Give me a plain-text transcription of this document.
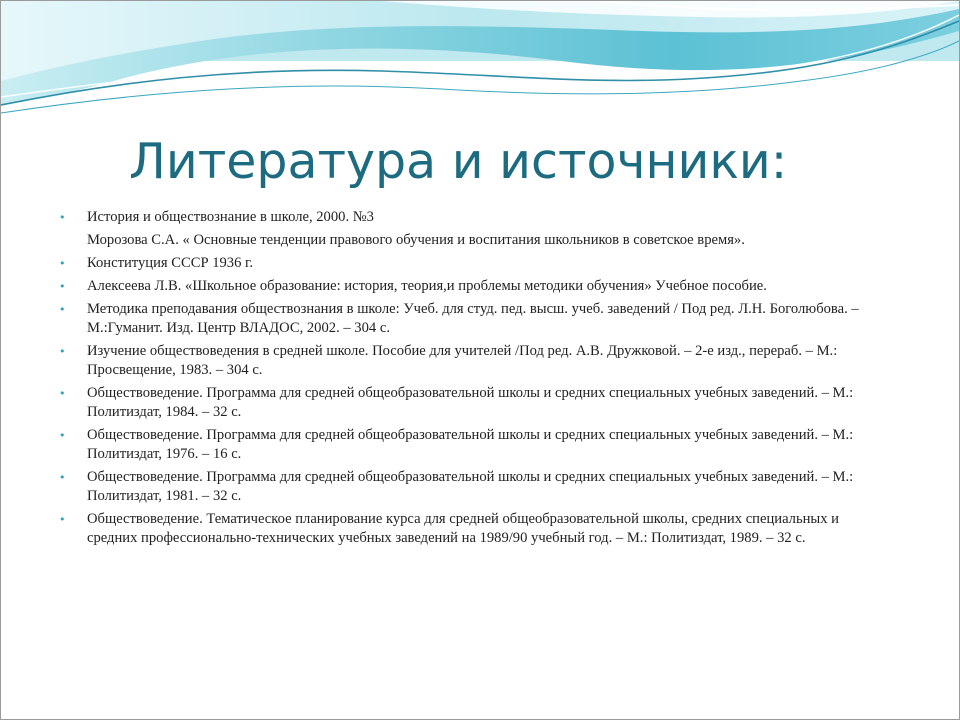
Литература и источники:
• История и обществознание в школе, 2000. №3
Морозова С.А. « Основные тенденции правового обучения и воспитания школьников в советское время».
• Конституция СССР 1936 г.
• Алексеева Л.В. «Школьное образование: история, теория,и проблемы методики обучения» Учебное пособие.
• Методика преподавания обществознания в школе: Учеб. для студ. пед. высш. учеб. заведений / Под ред. Л.Н. Боголюбова. – М.:Гуманит. Изд. Центр ВЛАДОС, 2002. – 304 с.
• Изучение обществоведения в средней школе. Пособие для учителей /Под ред. А.В. Дружковой. – 2-е изд., перераб. – М.: Просвещение, 1983. – 304 с.
• Обществоведение. Программа для средней общеобразовательной школы и средних специальных учебных заведений. – М.: Политиздат, 1984. – 32 с.
• Обществоведение. Программа для средней общеобразовательной школы и средних специальных учебных заведений. – М.: Политиздат, 1976. – 16 с.
• Обществоведение. Программа для средней общеобразовательной школы и средних специальных учебных заведений. – М.: Политиздат, 1981. – 32 с.
• Обществоведение. Тематическое планирование курса для средней общеобразовательной школы, средних специальных и средних профессионально-технических учебных заведений на 1989/90 учебный год. – М.: Политиздат, 1989. – 32 с.
